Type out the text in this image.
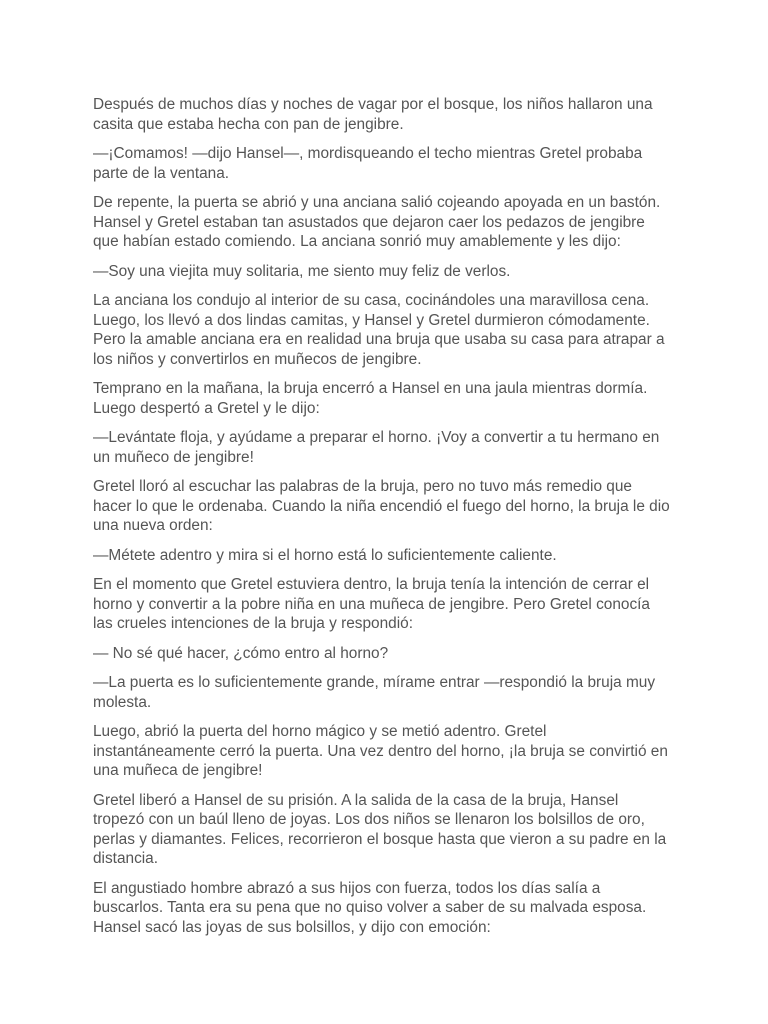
Después de muchos días y noches de vagar por el bosque, los niños hallaron una casita que estaba hecha con pan de jengibre.

—¡Comamos! —dijo Hansel—, mordisqueando el techo mientras Gretel probaba parte de la ventana.

De repente, la puerta se abrió y una anciana salió cojeando apoyada en un bastón. Hansel y Gretel estaban tan asustados que dejaron caer los pedazos de jengibre que habían estado comiendo. La anciana sonrió muy amablemente y les dijo:

—Soy una viejita muy solitaria, me siento muy feliz de verlos.

La anciana los condujo al interior de su casa, cocinándoles una maravillosa cena. Luego, los llevó a dos lindas camitas, y Hansel y Gretel durmieron cómodamente. Pero la amable anciana era en realidad una bruja que usaba su casa para atrapar a los niños y convertirlos en muñecos de jengibre.

Temprano en la mañana, la bruja encerró a Hansel en una jaula mientras dormía. Luego despertó a Gretel y le dijo:

—Levántate floja, y ayúdame a preparar el horno. ¡Voy a convertir a tu hermano en un muñeco de jengibre!

Gretel lloró al escuchar las palabras de la bruja, pero no tuvo más remedio que hacer lo que le ordenaba. Cuando la niña encendió el fuego del horno, la bruja le dio una nueva orden:

—Métete adentro y mira si el horno está lo suficientemente caliente.

En el momento que Gretel estuviera dentro, la bruja tenía la intención de cerrar el horno y convertir a la pobre niña en una muñeca de jengibre. Pero Gretel conocía las crueles intenciones de la bruja y respondió:

— No sé qué hacer, ¿cómo entro al horno?

—La puerta es lo suficientemente grande, mírame entrar —respondió la bruja muy molesta.

Luego, abrió la puerta del horno mágico y se metió adentro. Gretel instantáneamente cerró la puerta. Una vez dentro del horno, ¡la bruja se convirtió en una muñeca de jengibre!

Gretel liberó a Hansel de su prisión. A la salida de la casa de la bruja, Hansel tropezó con un baúl lleno de joyas. Los dos niños se llenaron los bolsillos de oro, perlas y diamantes. Felices, recorrieron el bosque hasta que vieron a su padre en la distancia.

El angustiado hombre abrazó a sus hijos con fuerza, todos los días salía a buscarlos. Tanta era su pena que no quiso volver a saber de su malvada esposa. Hansel sacó las joyas de sus bolsillos, y dijo con emoción:
